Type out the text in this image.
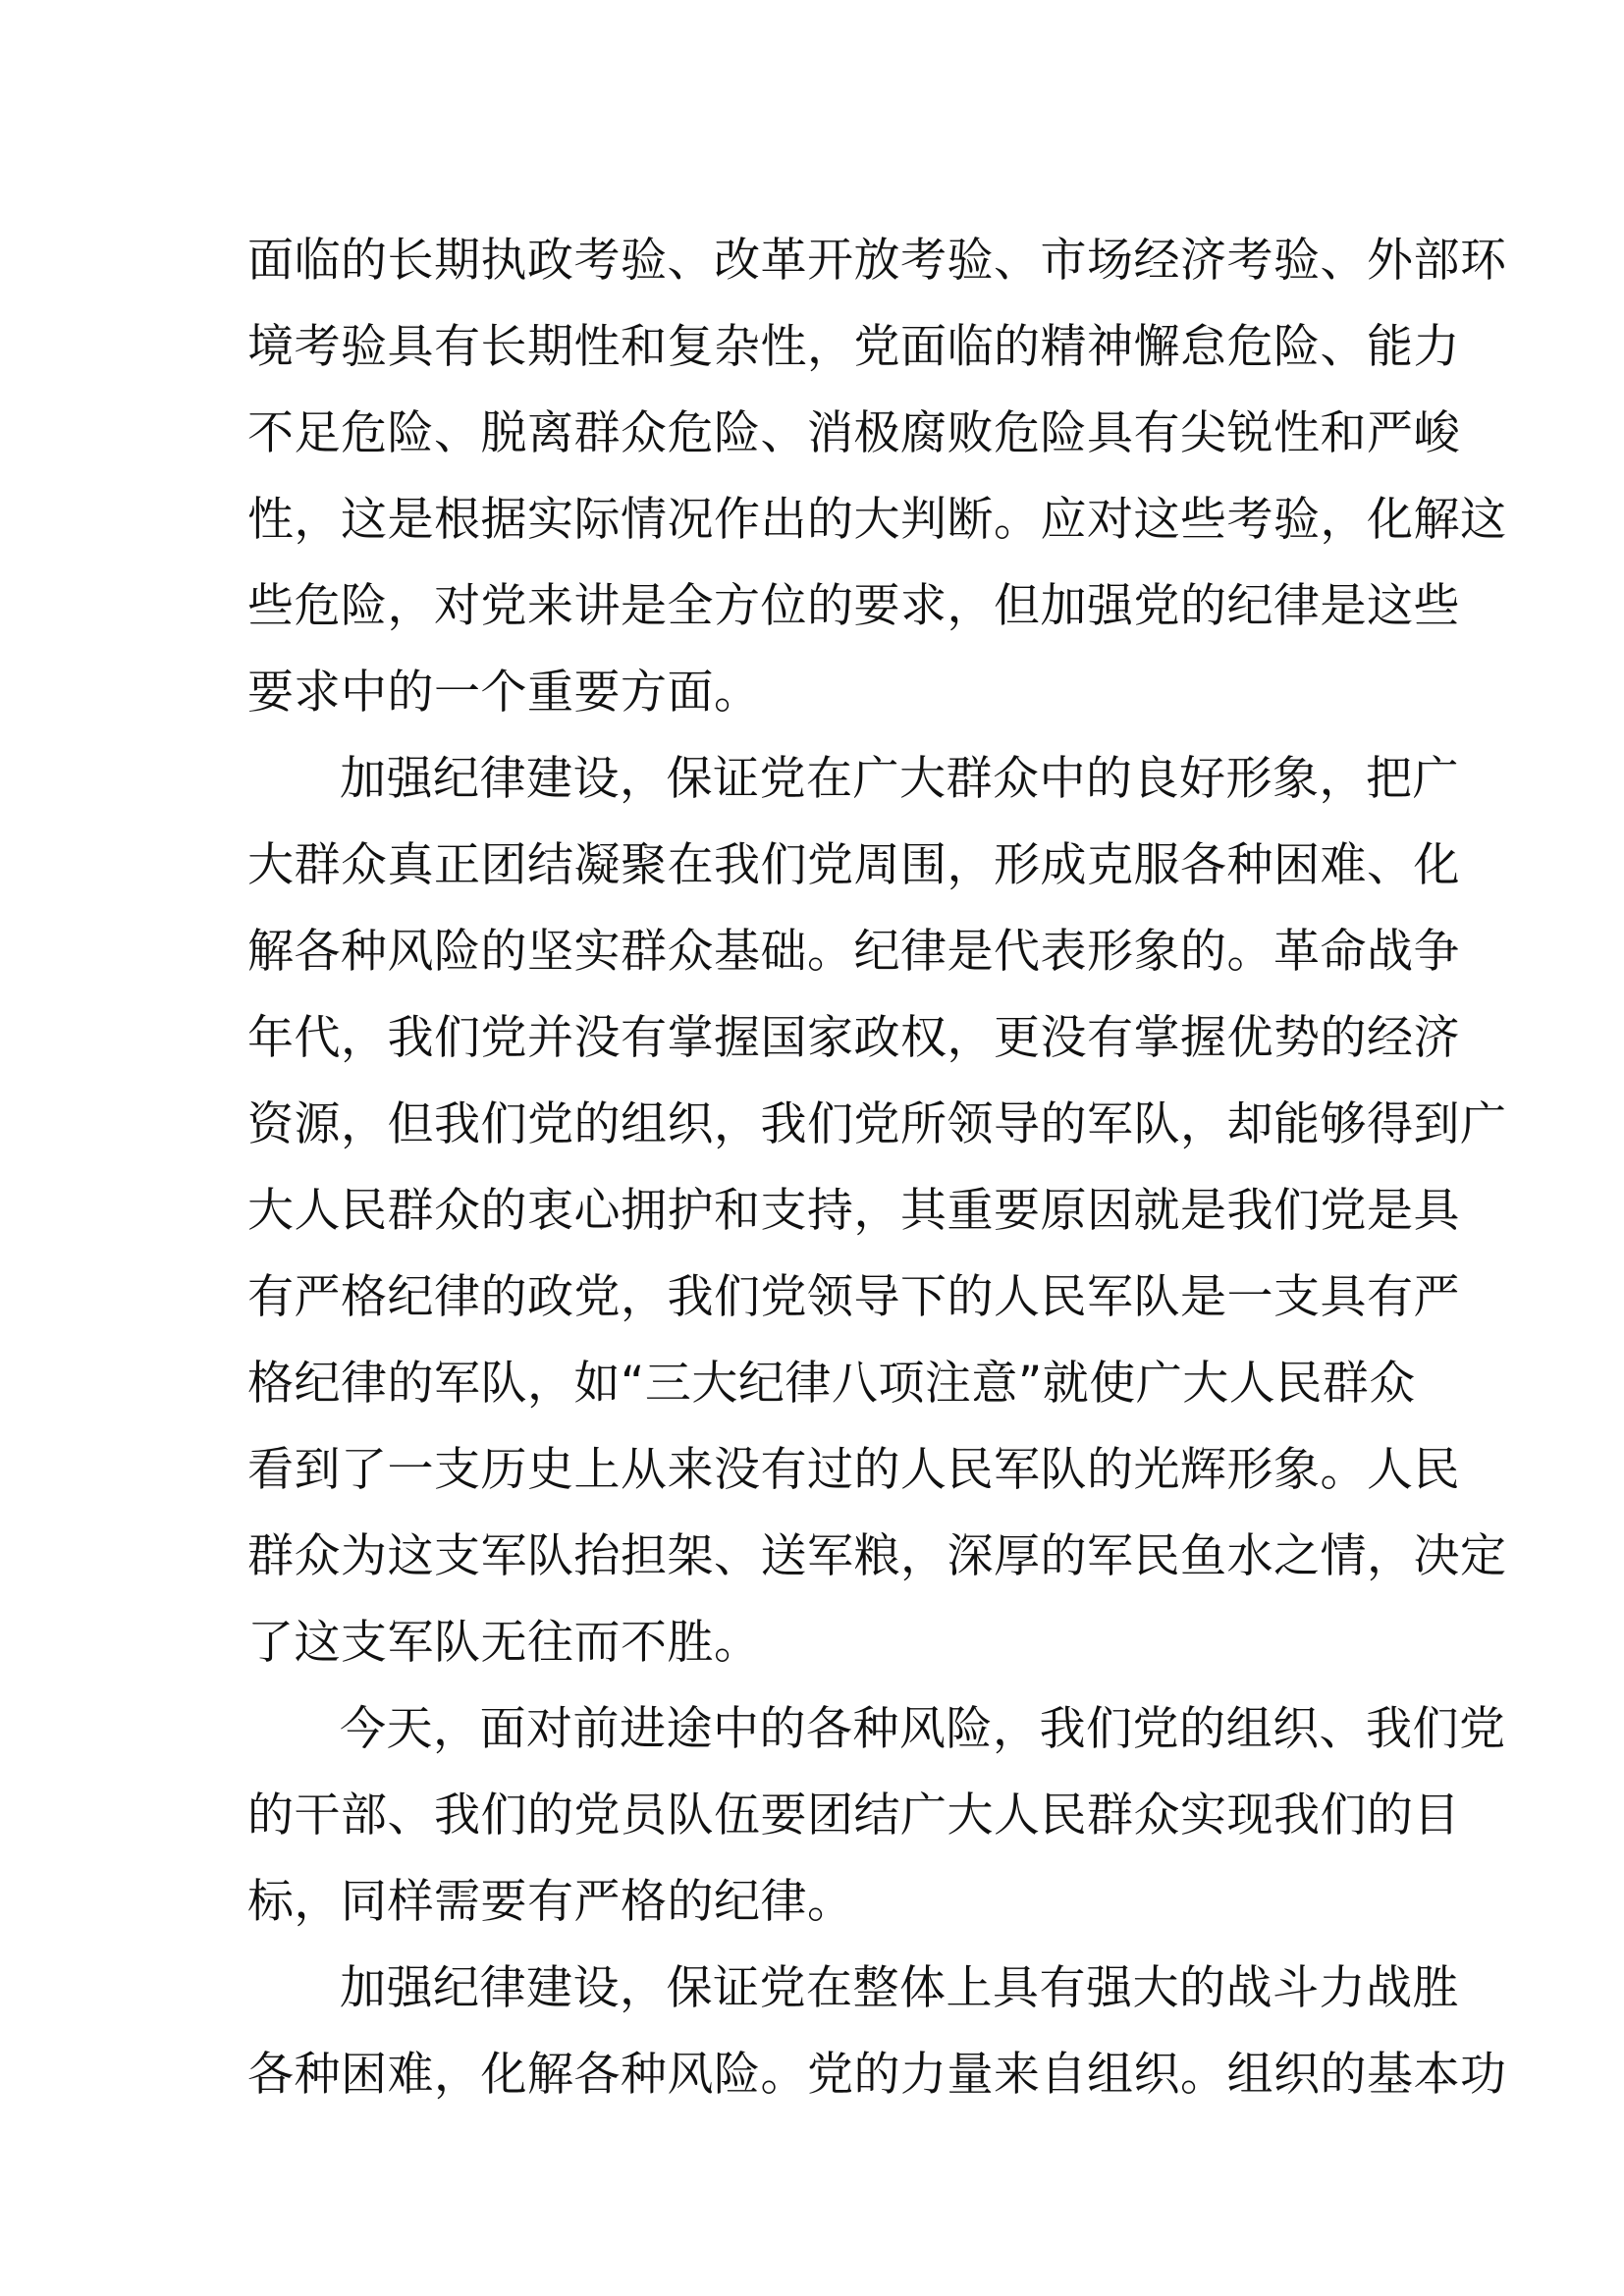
面临的长期执政考验、改革开放考验、市场经济考验、外部环
境考验具有长期性和复杂性，党面临的精神懈怠危险、能力
不足危险、脱离群众危险、消极腐败危险具有尖锐性和严峻
性，这是根据实际情况作出的大判断。应对这些考验，化解这
些危险，对党来讲是全方位的要求，但加强党的纪律是这些
要求中的一个重要方面。
加强纪律建设，保证党在广大群众中的良好形象，把广
大群众真正团结凝聚在我们党周围，形成克服各种困难、化
解各种风险的坚实群众基础。纪律是代表形象的。革命战争
年代，我们党并没有掌握国家政权，更没有掌握优势的经济
资源，但我们党的组织，我们党所领导的军队，却能够得到广
大人民群众的衷心拥护和支持，其重要原因就是我们党是具
有严格纪律的政党，我们党领导下的人民军队是一支具有严
格纪律的军队，如“三大纪律八项注意”就使广大人民群众
看到了一支历史上从来没有过的人民军队的光辉形象。人民
群众为这支军队抬担架、送军粮，深厚的军民鱼水之情，决定
了这支军队无往而不胜。
今天，面对前进途中的各种风险，我们党的组织、我们党
的干部、我们的党员队伍要团结广大人民群众实现我们的目
标，同样需要有严格的纪律。
加强纪律建设，保证党在整体上具有强大的战斗力战胜
各种困难，化解各种风险。党的力量来自组织。组织的基本功
